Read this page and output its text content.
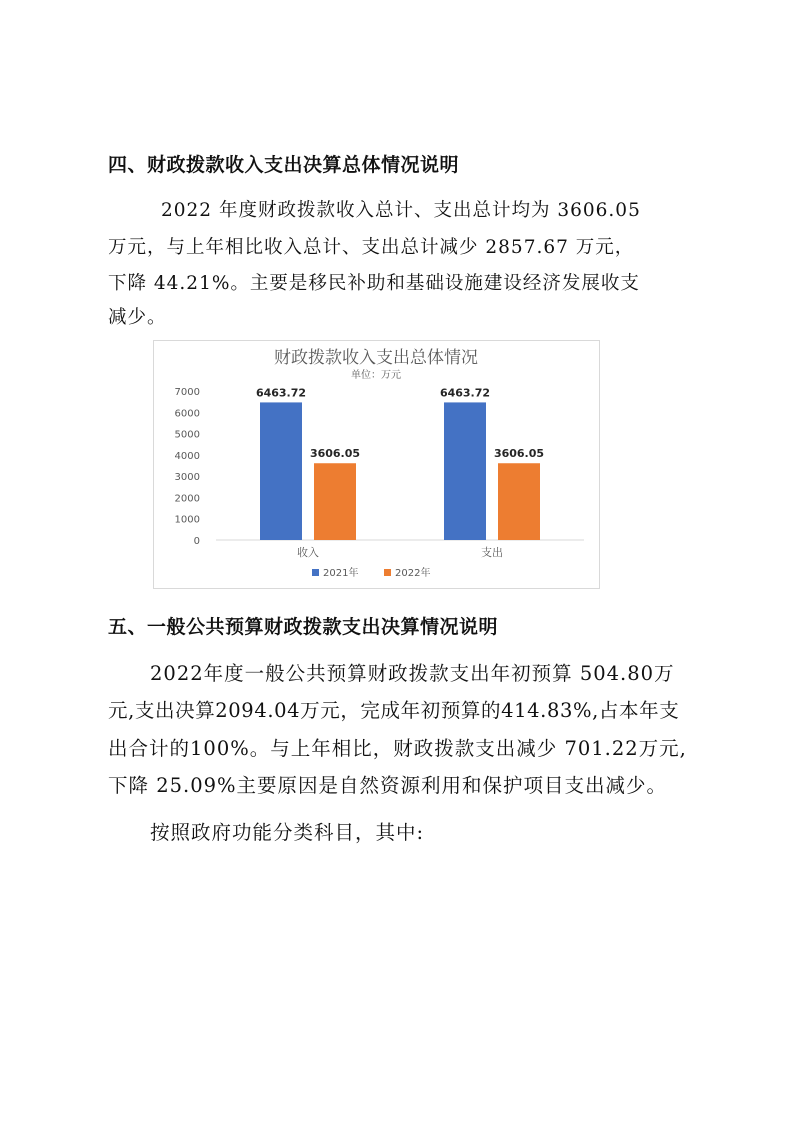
四、财政拨款收入支出决算总体情况说明

2022 年度财政拨款收入总计、支出总计均为 3606.05

万元，与上年相比收入总计、支出总计减少 2857.67 万元，

下降 44.21%。主要是移民补助和基础设施建设经济发展收支

减少。

财政拨款收入支出总体情况
单位：万元
0
1000
2000
3000
4000
5000
6000
7000	6463.72
3606.05
6463.72
3606.05
收入	支出
2021年	2022年
五、一般公共预算财政拨款支出决算情况说明

2022年度一般公共预算财政拨款支出年初预算 504.80万

元,支出决算2094.04万元，完成年初预算的414.83%,占本年支

出合计的100%。与上年相比，财政拨款支出减少 701.22万元,

下降 25.09%主要原因是自然资源利用和保护项目支出减少。

按照政府功能分类科目，其中:
